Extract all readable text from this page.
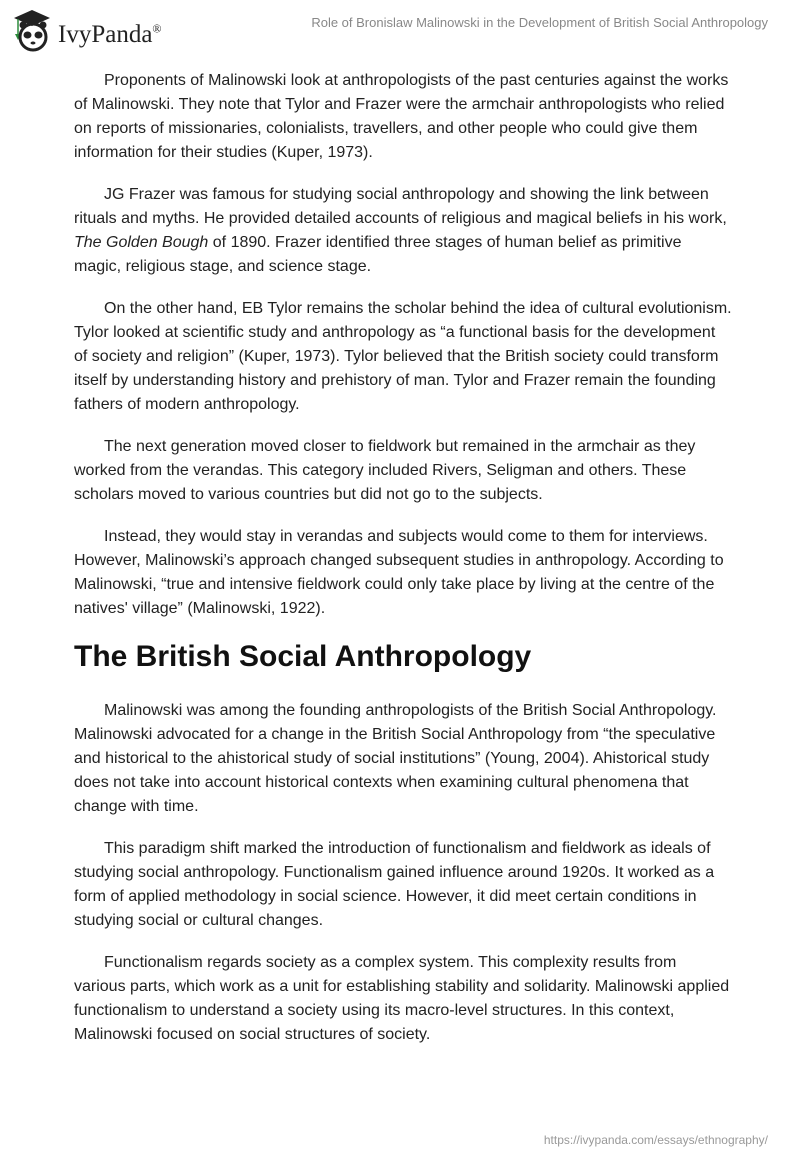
IvyPanda®	Role of Bronislaw Malinowski in the Development of British Social Anthropology

Proponents of Malinowski look at anthropologists of the past centuries against the works of Malinowski. They note that Tylor and Frazer were the armchair anthropologists who relied on reports of missionaries, colonialists, travellers, and other people who could give them information for their studies (Kuper, 1973).

JG Frazer was famous for studying social anthropology and showing the link between rituals and myths. He provided detailed accounts of religious and magical beliefs in his work, The Golden Bough of 1890. Frazer identified three stages of human belief as primitive magic, religious stage, and science stage.

On the other hand, EB Tylor remains the scholar behind the idea of cultural evolutionism. Tylor looked at scientific study and anthropology as “a functional basis for the development of society and religion” (Kuper, 1973). Tylor believed that the British society could transform itself by understanding history and prehistory of man. Tylor and Frazer remain the founding fathers of modern anthropology.

The next generation moved closer to fieldwork but remained in the armchair as they worked from the verandas. This category included Rivers, Seligman and others. These scholars moved to various countries but did not go to the subjects.

Instead, they would stay in verandas and subjects would come to them for interviews. However, Malinowski’s approach changed subsequent studies in anthropology. According to Malinowski, “true and intensive fieldwork could only take place by living at the centre of the natives' village” (Malinowski, 1922).

The British Social Anthropology

Malinowski was among the founding anthropologists of the British Social Anthropology. Malinowski advocated for a change in the British Social Anthropology from “the speculative and historical to the ahistorical study of social institutions” (Young, 2004). Ahistorical study does not take into account historical contexts when examining cultural phenomena that change with time.

This paradigm shift marked the introduction of functionalism and fieldwork as ideals of studying social anthropology. Functionalism gained influence around 1920s. It worked as a form of applied methodology in social science. However, it did meet certain conditions in studying social or cultural changes.

Functionalism regards society as a complex system. This complexity results from various parts, which work as a unit for establishing stability and solidarity. Malinowski applied functionalism to understand a society using its macro-level structures. In this context, Malinowski focused on social structures of society.

https://ivypanda.com/essays/ethnography/
